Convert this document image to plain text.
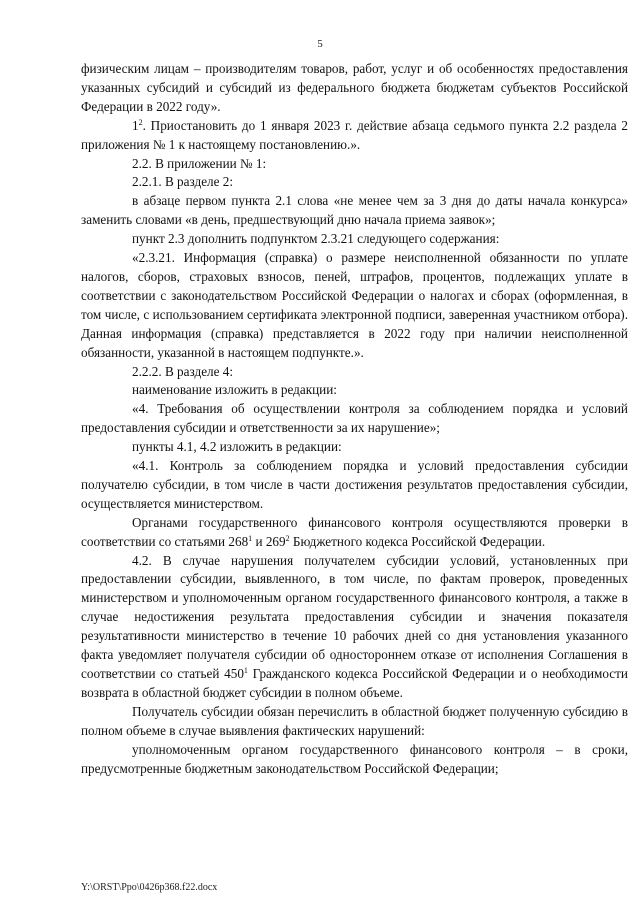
5

физическим лицам – производителям товаров, работ, услуг и об особенностях предоставления указанных субсидий и субсидий из федерального бюджета бюджетам субъектов Российской Федерации в 2022 году».

$1^2$. Приостановить до 1 января 2023 г. действие абзаца седьмого пункта 2.2 раздела 2 приложения № 1 к настоящему постановлению.».

2.2. В приложении № 1:

2.2.1. В разделе 2:

в абзаце первом пункта 2.1 слова «не менее чем за 3 дня до даты начала конкурса» заменить словами «в день, предшествующий дню начала приема заявок»;

пункт 2.3 дополнить подпунктом 2.3.21 следующего содержания:

«2.3.21. Информация (справка) о размере неисполненной обязанности по уплате налогов, сборов, страховых взносов, пеней, штрафов, процентов, подлежащих уплате в соответствии с законодательством Российской Федерации о налогах и сборах (оформленная, в том числе, с использованием сертификата электронной подписи, заверенная участником отбора). Данная информация (справка) представляется в 2022 году при наличии неисполненной обязанности, указанной в настоящем подпункте.».

2.2.2. В разделе 4:

наименование изложить в редакции:

«4. Требования об осуществлении контроля за соблюдением порядка и условий предоставления субсидии и ответственности за их нарушение»;

пункты 4.1, 4.2 изложить в редакции:

«4.1. Контроль за соблюдением порядка и условий предоставления субсидии получателю субсидии, в том числе в части достижения результатов предоставления субсидии, осуществляется министерством.

Органами государственного финансового контроля осуществляются проверки в соответствии со статьями $268^1$ и $269^2$ Бюджетного кодекса Российской Федерации.

4.2. В случае нарушения получателем субсидии условий, установленных при предоставлении субсидии, выявленного, в том числе, по фактам проверок, проведенных министерством и уполномоченным органом государственного финансового контроля, а также в случае недостижения результата предоставления субсидии и значения показателя результативности министерство в течение 10 рабочих дней со дня установления указанного факта уведомляет получателя субсидии об одностороннем отказе от исполнения Соглашения в соответствии со статьей $450^1$ Гражданского кодекса Российской Федерации и о необходимости возврата в областной бюджет субсидии в полном объеме.

Получатель субсидии обязан перечислить в областной бюджет полученную субсидию в полном объеме в случае выявления фактических нарушений:

уполномоченным органом государственного финансового контроля – в сроки, предусмотренные бюджетным законодательством Российской Федерации;

Y:\ORST\Ppo\0426p368.f22.docx
